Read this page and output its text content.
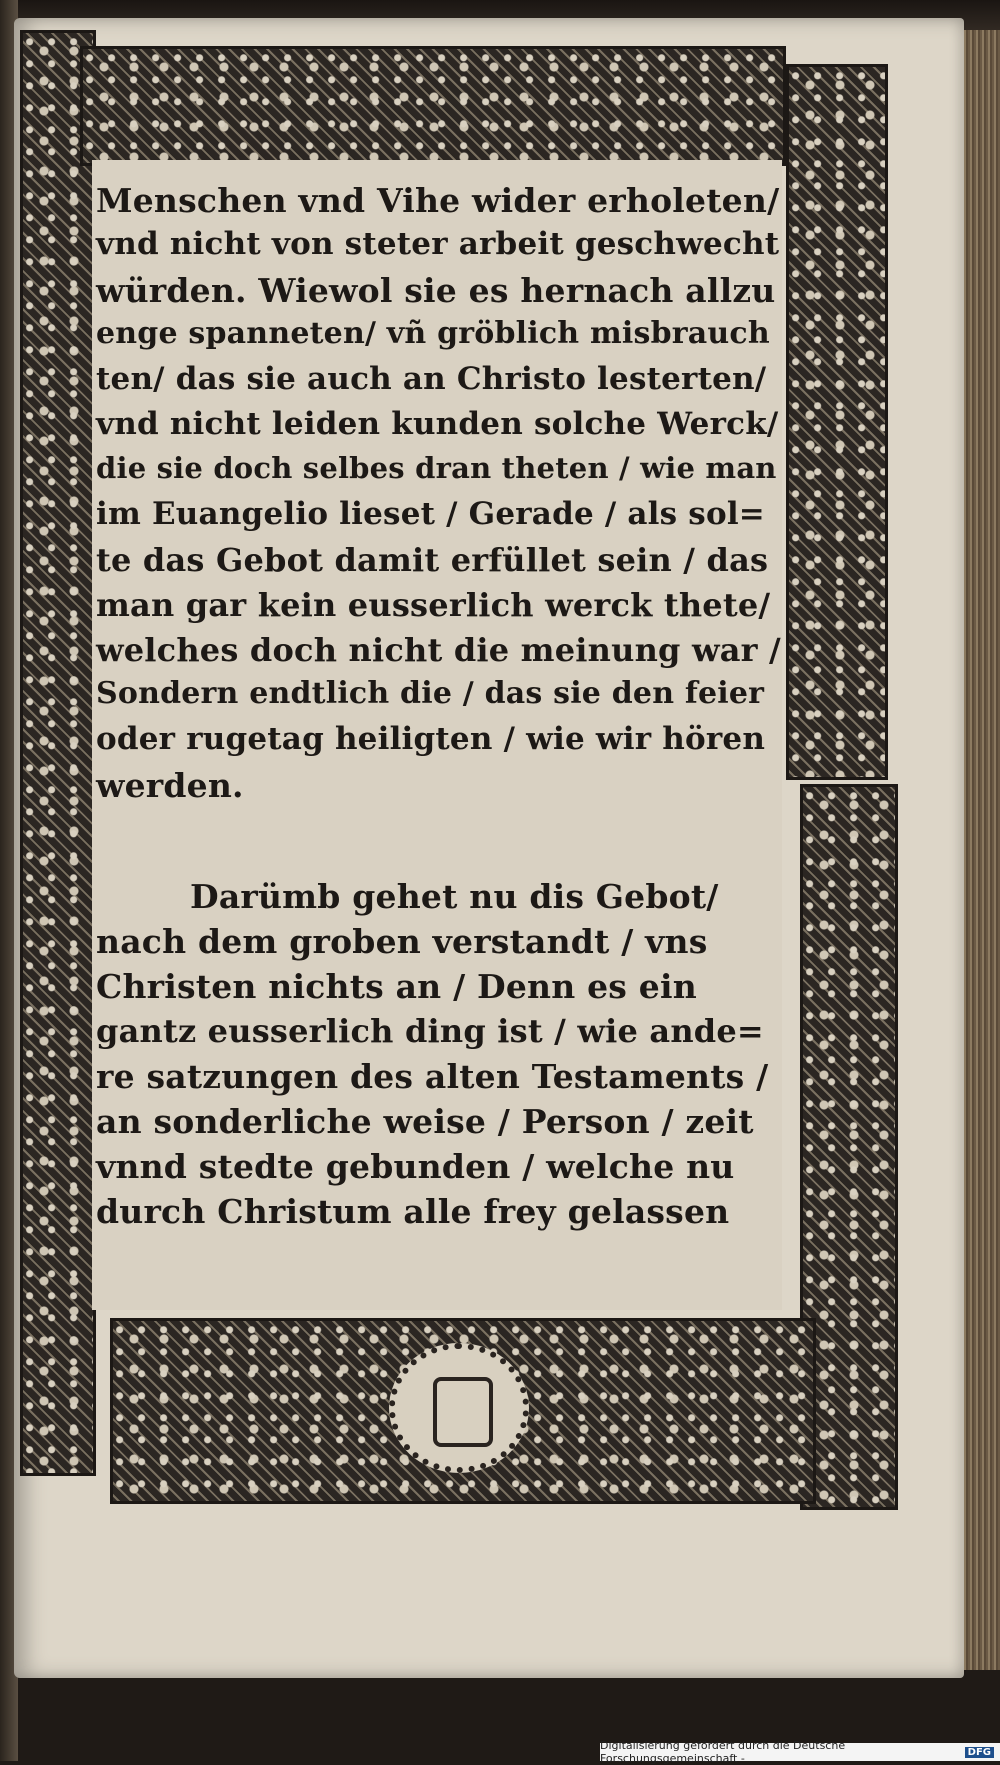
Menschen vnd Vihe wider erholeten/
vnd nicht von steter arbeit geschwecht
würden. Wiewol sie es hernach allzu
enge spanneten/ vñ gröblich misbrauch
ten/ das sie auch an Christo lesterten/
vnd nicht leiden kunden solche Werck/
die sie doch selbes dran theten / wie man
im Euangelio lieset / Gerade / als sol=
te das Gebot damit erfüllet sein / das
man gar kein eusserlich werck thete/
welches doch nicht die meinung war /
Sondern endtlich die / das sie den feier
oder rugetag heiligten / wie wir hören
werden.
Darümb gehet nu dis Gebot/
nach dem groben verstandt / vns
Christen nichts an / Denn es ein
gantz eusserlich ding ist / wie ande=
re satzungen des alten Testaments /
an sonderliche weise / Person / zeit
vnnd stedte gebunden / welche nu
durch Christum alle frey gelassen
Digitalisierung gefördert durch die Deutsche Forschungsgemeinschaft -	DFG
